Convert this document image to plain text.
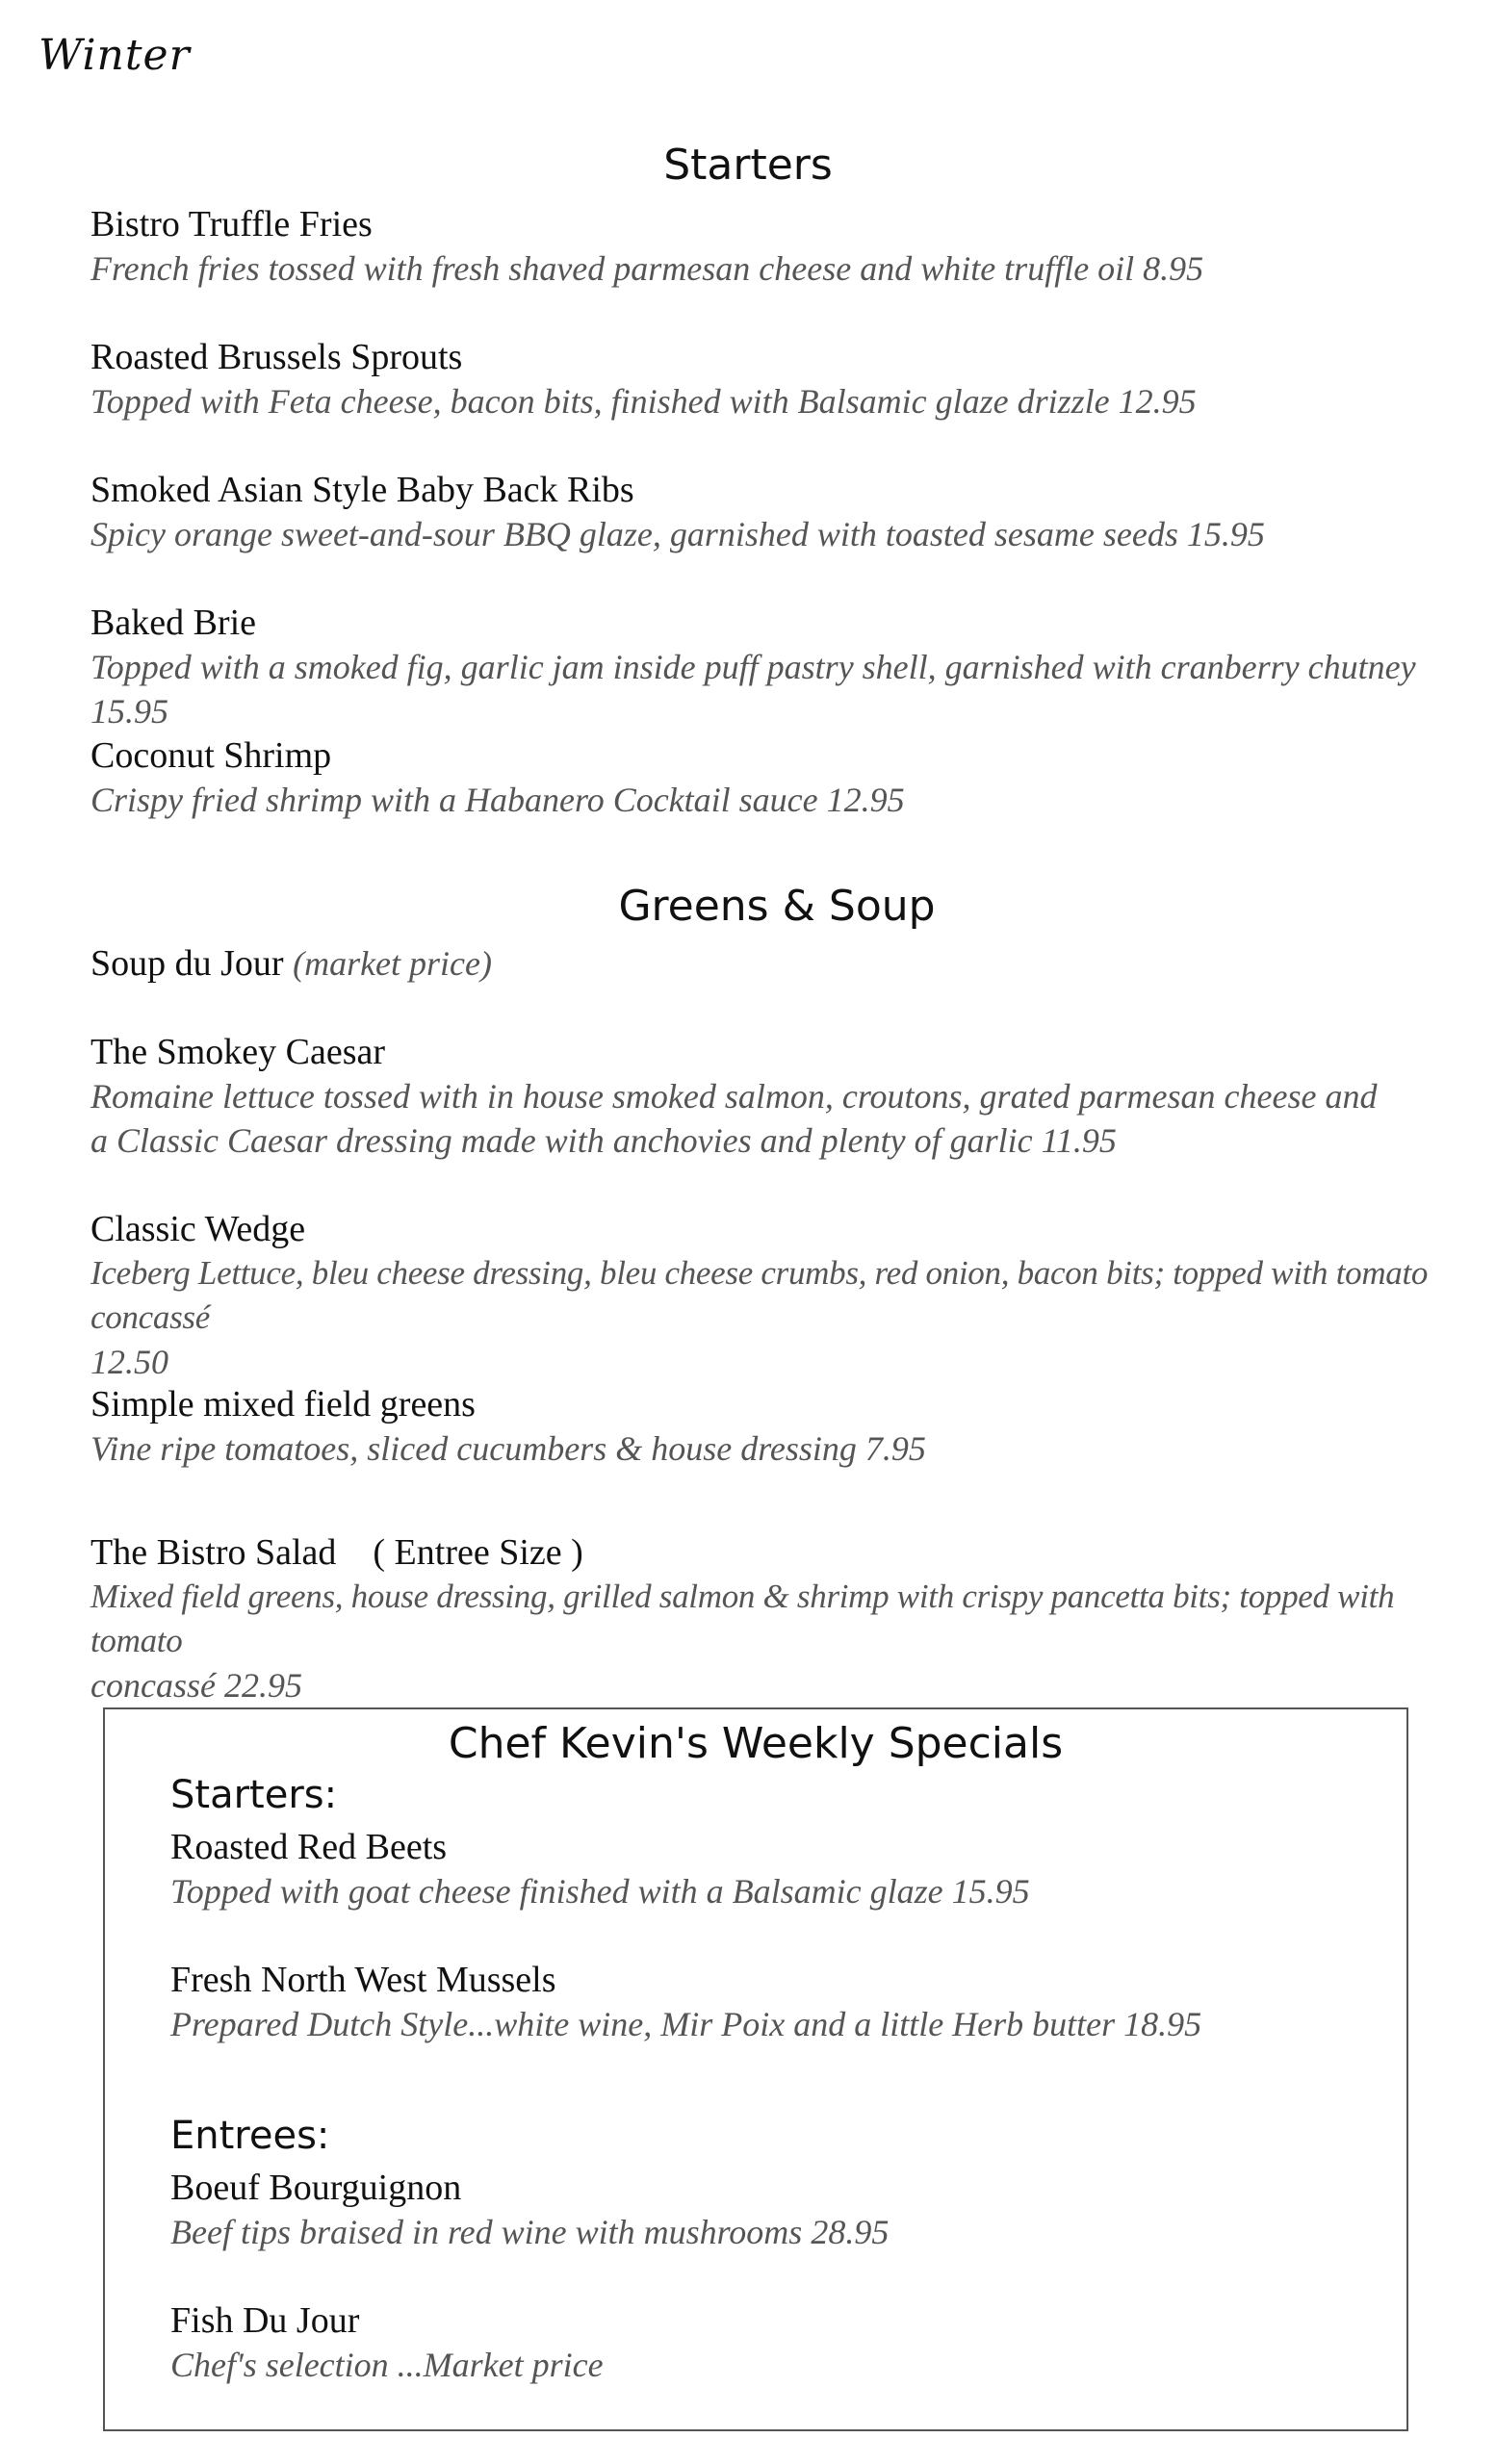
Winter
Starters
Bistro Truffle Fries
French fries tossed with fresh shaved parmesan cheese and white truffle oil 8.95
Roasted Brussels Sprouts
Topped with Feta cheese, bacon bits, finished with Balsamic glaze drizzle 12.95
Smoked Asian Style Baby Back Ribs
Spicy orange sweet-and-sour BBQ glaze, garnished with toasted sesame seeds 15.95
Baked Brie
Topped with a smoked fig, garlic jam inside puff pastry shell, garnished with cranberry chutney 15.95
Coconut Shrimp
Crispy fried shrimp with a Habanero Cocktail sauce 12.95
Greens & Soup
Soup du Jour (market price)
The Smokey Caesar
Romaine lettuce tossed with in house smoked salmon, croutons, grated parmesan cheese and
a Classic Caesar dressing made with anchovies and plenty of garlic 11.95
Classic Wedge
Iceberg Lettuce, bleu cheese dressing, bleu cheese crumbs, red onion, bacon bits; topped with tomato concassé
12.50
Simple mixed field greens
Vine ripe tomatoes, sliced cucumbers & house dressing 7.95
The Bistro Salad    ( Entree Size )
Mixed field greens, house dressing, grilled salmon & shrimp with crispy pancetta bits; topped with tomato
concassé 22.95
Chef Kevin's Weekly Specials
Starters:
Roasted Red Beets
Topped with goat cheese finished with a Balsamic glaze 15.95
Fresh North West Mussels
Prepared Dutch Style...white wine, Mir Poix and a little Herb butter 18.95
Entrees:
Boeuf Bourguignon
Beef tips braised in red wine with mushrooms 28.95
Fish Du Jour
Chef's selection ...Market price
